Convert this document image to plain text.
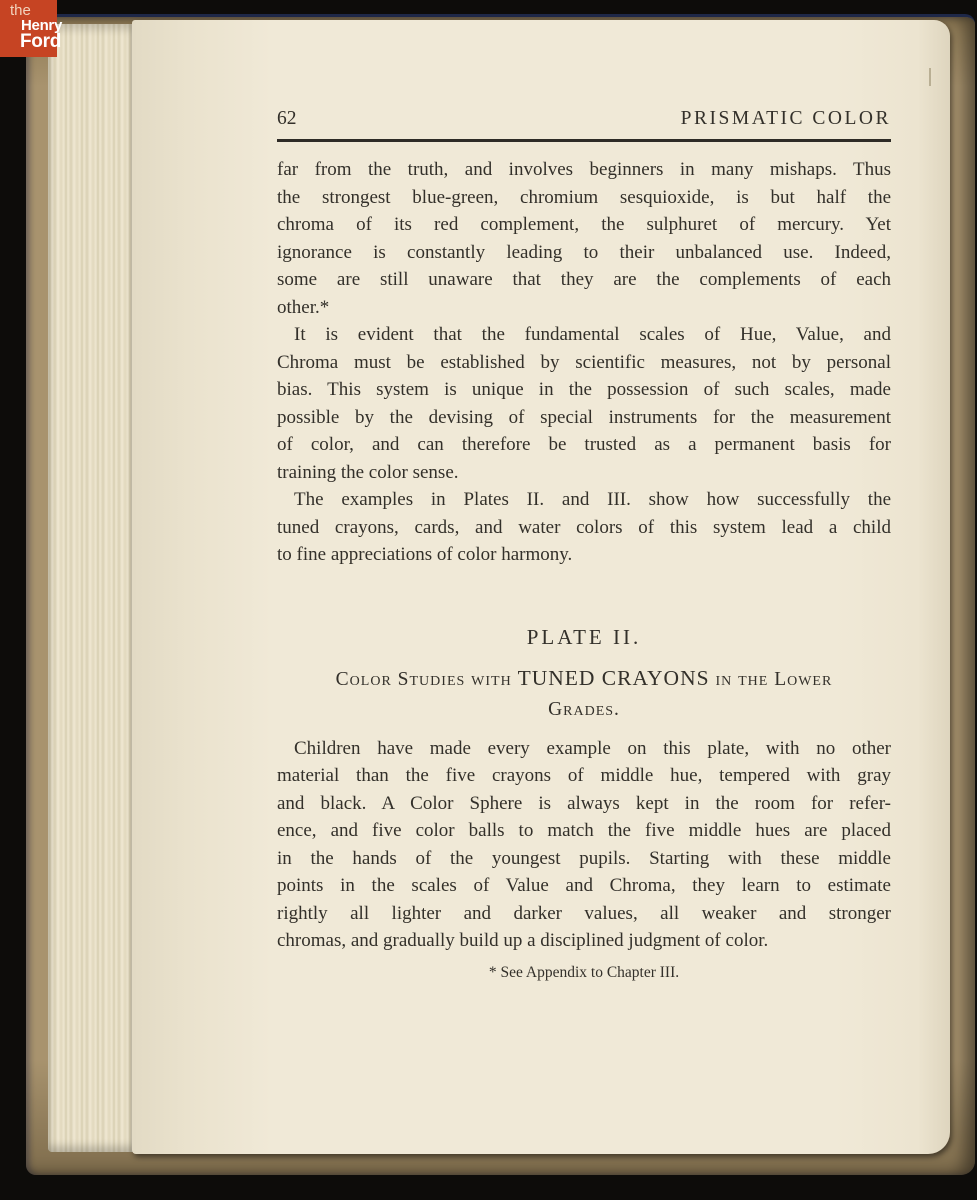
62	PRISMATIC COLOR
far from the truth, and involves beginners in many mishaps. Thus
the strongest blue-green, chromium sesquioxide, is but half the
chroma of its red complement, the sulphuret of mercury. Yet
ignorance is constantly leading to their unbalanced use. Indeed,
some are still unaware that they are the complements of each
other.*
It is evident that the fundamental scales of Hue, Value, and
Chroma must be established by scientific measures, not by personal
bias. This system is unique in the possession of such scales, made
possible by the devising of special instruments for the measurement
of color, and can therefore be trusted as a permanent basis for
training the color sense.
The examples in Plates II. and III. show how successfully the
tuned crayons, cards, and water colors of this system lead a child
to fine appreciations of color harmony.
PLATE II.
Color Studies with TUNED CRAYONS in the Lower
Grades.
Children have made every example on this plate, with no other
material than the five crayons of middle hue, tempered with gray
and black. A Color Sphere is always kept in the room for refer-
ence, and five color balls to match the five middle hues are placed
in the hands of the youngest pupils. Starting with these middle
points in the scales of Value and Chroma, they learn to estimate
rightly all lighter and darker values, all weaker and stronger
chromas, and gradually build up a disciplined judgment of color.
* See Appendix to Chapter III.
the
Henry
Ford
